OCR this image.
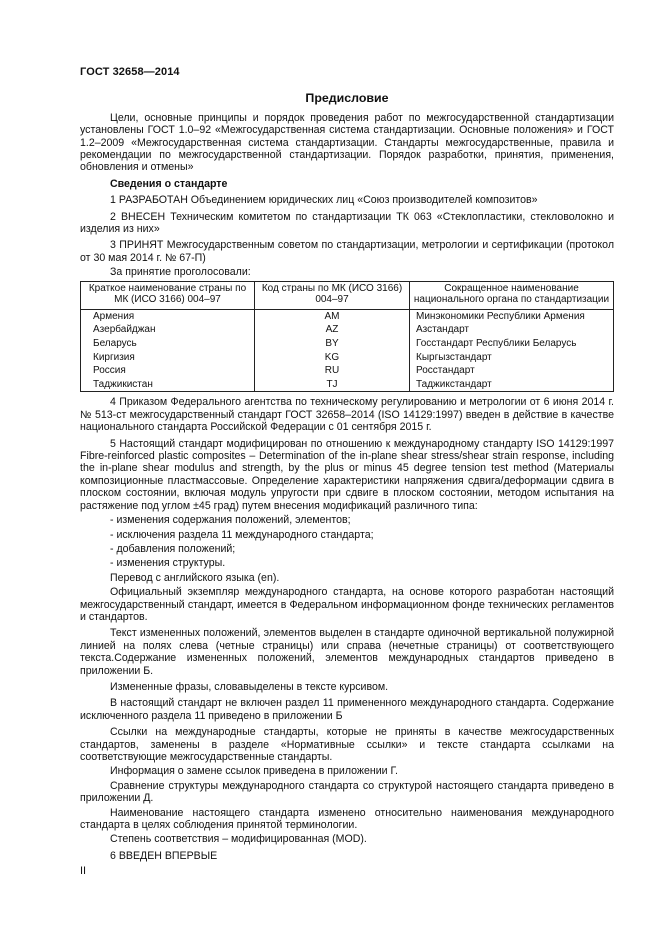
ГОСТ 32658—2014
Предисловие

Цели, основные принципы и порядок проведения работ по межгосударственной стандартизации установлены ГОСТ 1.0–92 «Межгосударственная система стандартизации. Основные положения» и ГОСТ 1.2–2009 «Межгосударственная система стандартизации. Стандарты межгосударственные, правила и рекомендации по межгосударственной стандартизации. Порядок разработки, принятия, применения, обновления и отмены»

Сведения о стандарте

1 РАЗРАБОТАН Объединением юридических лиц «Союз производителей композитов»

2 ВНЕСЕН Техническим комитетом по стандартизации ТК 063 «Стеклопластики, стекловолокно и изделия из них»

3 ПРИНЯТ Межгосударственным советом по стандартизации, метрологии и сертификации (протокол от 30 мая 2014 г. № 67-П)

За принятие проголосовали:

Краткое наименование страны по МК (ИСО 3166) 004–97	Код страны по МК (ИСО 3166) 004–97	Сокращенное наименование национального органа по стандартизации
Армения	AM	Минэкономики Республики Армения
Азербайджан	AZ	Азстандарт
Беларусь	BY	Госстандарт Республики Беларусь
Киргизия	KG	Кыргызстандарт
Россия	RU	Росстандарт
Таджикистан	TJ	Таджикстандарт

4 Приказом Федерального агентства по техническому регулированию и метрологии от 6 июня 2014 г. № 513-ст межгосударственный стандарт ГОСТ 32658–2014 (ISO 14129:1997) введен в действие в качестве национального стандарта Российской Федерации с 01 сентября 2015 г.

5 Настоящий стандарт модифицирован по отношению к международному стандарту ISO 14129:1997 Fibre-reinforced plastic composites – Determination of the in-plane shear stress/shear strain response, including the in-plane shear modulus and strength, by the plus or minus 45 degree tension test method (Материалы композиционные пластмассовые. Определение характеристики напряжения сдвига/деформации сдвига в плоском состоянии, включая модуль упругости при сдвиге в плоском состоянии, методом испытания на растяжение под углом ±45 град) путем внесения модификаций различного типа:

- изменения содержания положений, элементов;
- исключения раздела 11 международного стандарта;
- добавления положений;
- изменения структуры.

Перевод с английского языка (en).

Официальный экземпляр международного стандарта, на основе которого разработан настоящий межгосударственный стандарт, имеется в Федеральном информационном фонде технических регламентов и стандартов.

Текст измененных положений, элементов выделен в стандарте одиночной вертикальной полужирной линией на полях слева (четные страницы) или справа (нечетные страницы) от соответствующего текста.Содержание измененных положений, элементов международных стандартов приведено в приложении Б.

Измененные фразы, словавыделены в тексте курсивом.

В настоящий стандарт не включен раздел 11 примененного международного стандарта. Содержание исключенного раздела 11 приведено в приложении Б

Ссылки на международные стандарты, которые не приняты в качестве межгосударственных стандартов, заменены в разделе «Нормативные ссылки» и тексте стандарта ссылками на соответствующие межгосударственные стандарты.

Информация о замене ссылок приведена в приложении Г.

Сравнение структуры международного стандарта со структурой настоящего стандарта приведено в приложении Д.

Наименование настоящего стандарта изменено относительно наименования международного стандарта в целях соблюдения принятой терминологии.

Степень соответствия – модифицированная (MOD).

6 ВВЕДЕН ВПЕРВЫЕ

II
